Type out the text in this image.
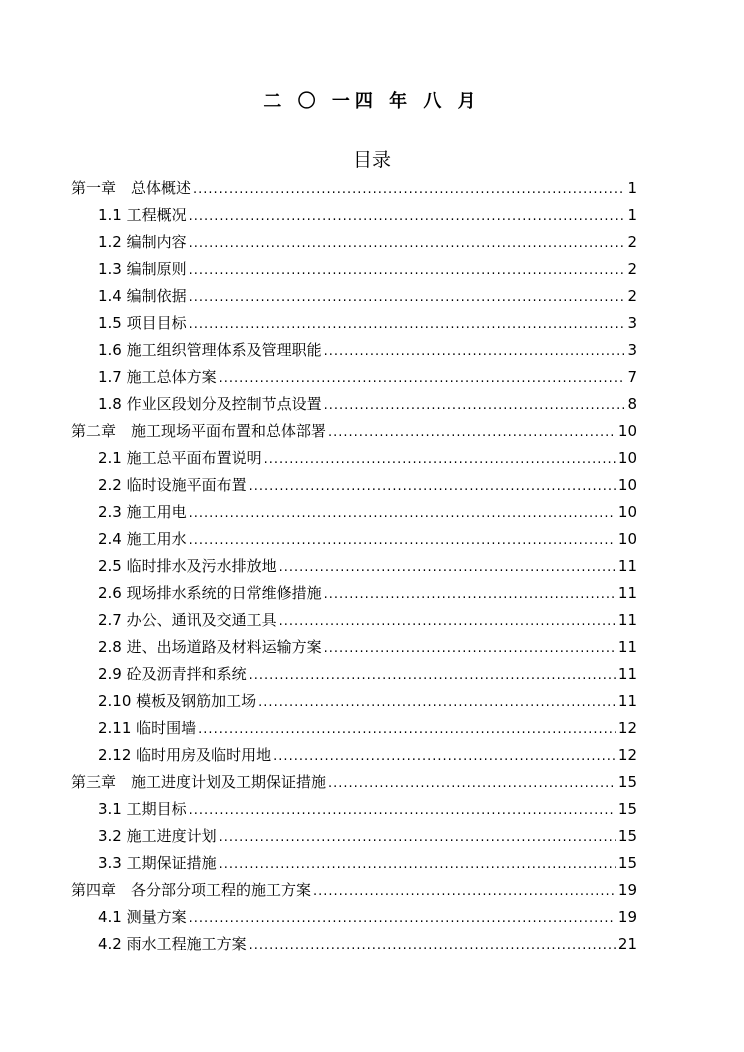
二 〇 一四 年 八 月
目录
第一章　总体概述 .....	1
1.1 工程概况 .....	1
1.2 编制内容 .....	2
1.3 编制原则 .....	2
1.4 编制依据 .....	2
1.5 项目目标 .....	3
1.6 施工组织管理体系及管理职能 .....	3
1.7 施工总体方案 .....	7
1.8 作业区段划分及控制节点设置 .....	8
第二章　施工现场平面布置和总体部署 .....	10
2.1 施工总平面布置说明 .....	10
2.2 临时设施平面布置 .....	10
2.3 施工用电 .....	10
2.4 施工用水 .....	10
2.5 临时排水及污水排放地 .....	11
2.6 现场排水系统的日常维修措施 .....	11
2.7 办公、通讯及交通工具 .....	11
2.8 进、出场道路及材料运输方案 .....	11
2.9 砼及沥青拌和系统 .....	11
2.10 模板及钢筋加工场 .....	11
2.11 临时围墙 .....	12
2.12 临时用房及临时用地 .....	12
第三章　施工进度计划及工期保证措施 .....	15
3.1 工期目标 .....	15
3.2 施工进度计划 .....	15
3.3 工期保证措施 .....	15
第四章　各分部分项工程的施工方案 .....	19
4.1 测量方案 .....	19
4.2 雨水工程施工方案 .....	21
